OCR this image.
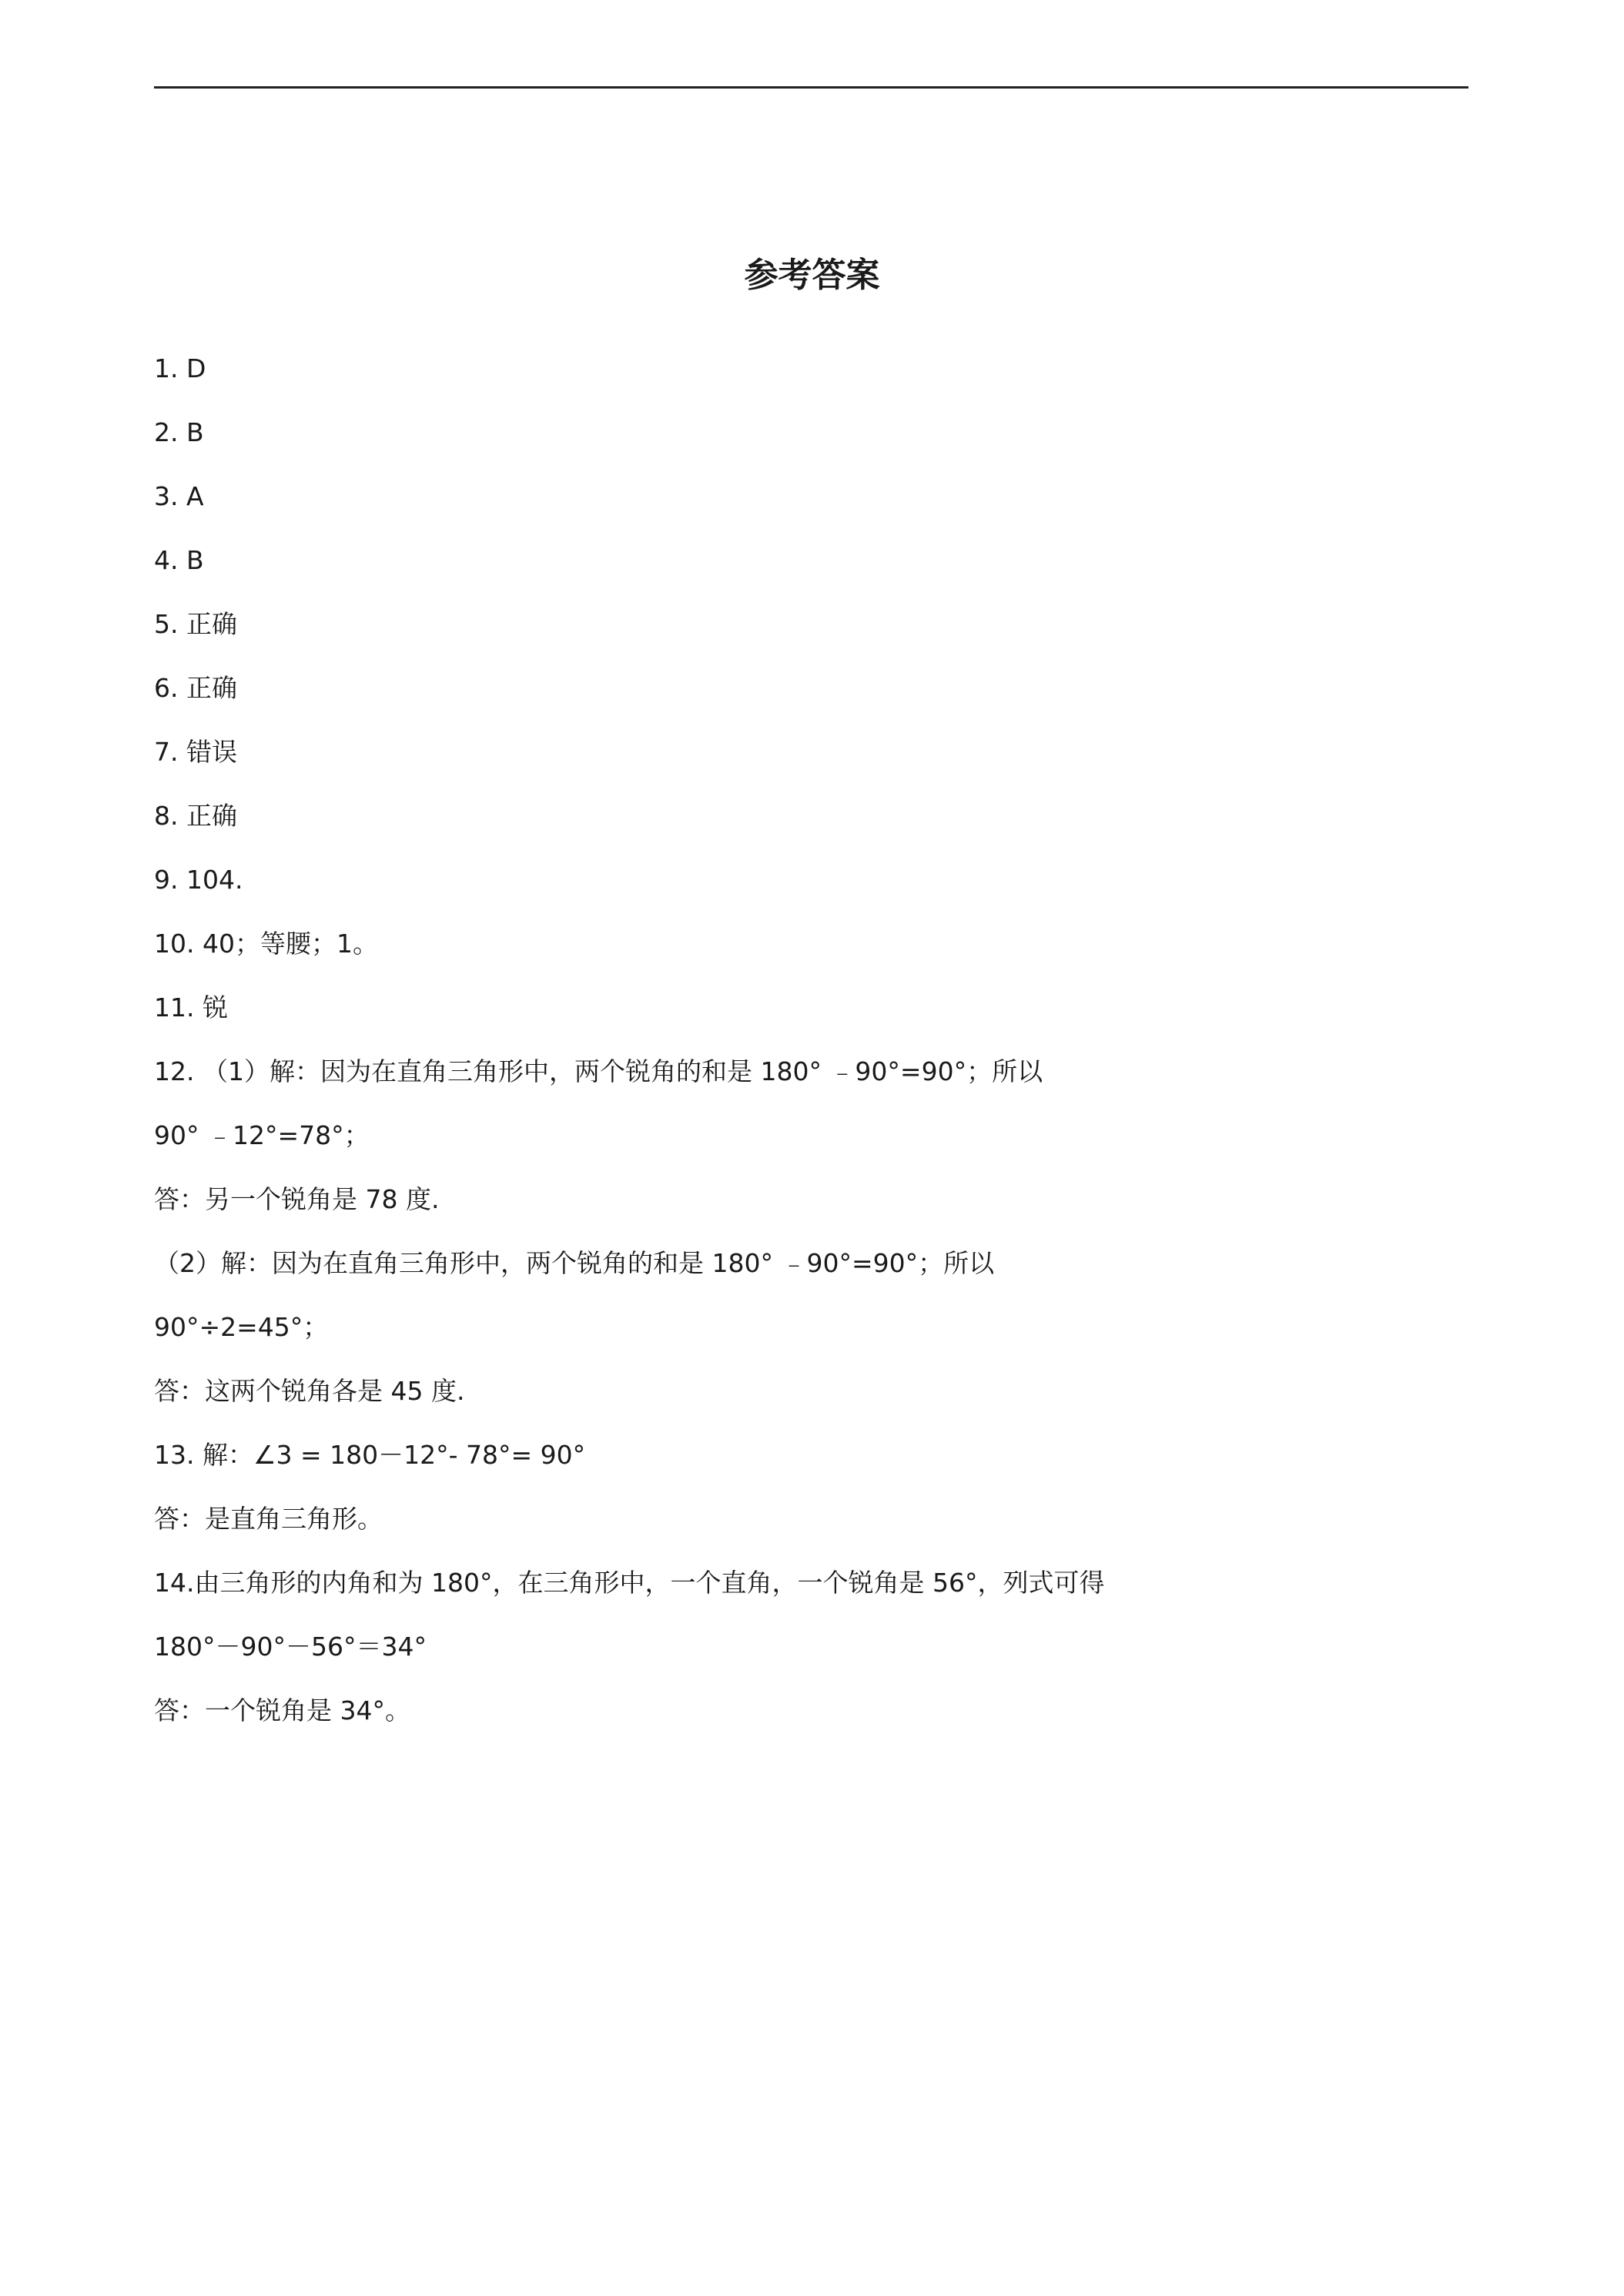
参考答案
1. D
2. B
3. A
4. B
5. 正确
6. 正确
7. 错误
8. 正确
9. 104.
10. 40；等腰；1。
11. 锐
12. （1）解：因为在直角三角形中，两个锐角的和是 180° ﹣90°=90°；所以
90° ﹣12°=78°；
答：另一个锐角是 78 度.
（2）解：因为在直角三角形中，两个锐角的和是 180° ﹣90°=90°；所以
90°÷2=45°；
答：这两个锐角各是 45 度.
13. 解：∠3 = 180－12°- 78°= 90°
答：是直角三角形。
14.由三角形的内角和为 180°，在三角形中，一个直角，一个锐角是 56°，列式可得
180°－90°－56°＝34°
答：一个锐角是 34°。
